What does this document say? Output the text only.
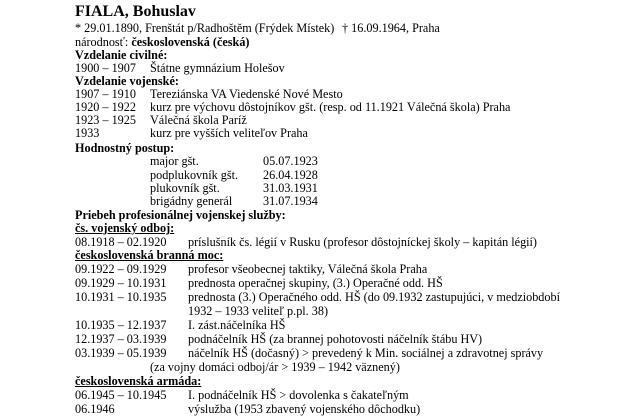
FIALA, Bohuslav
* 29.01.1890, Frenštát p/Radhoštěm (Frýdek Místek) † 16.09.1964, Praha
národnosť: československá (česká)
Vzdelanie civilné:
1900 – 1907 Štátne gymnázium Holešov
Vzdelanie vojenské:
1907 – 1910 Tereziánska VA Viedenské Nové Mesto
1920 – 1922 kurz pre výchovu dôstojníkov gšt. (resp. od 11.1921 Válečná škola) Praha
1923 – 1925 Válečná škola Paríž
1933	kurz pre vyšších veliteľov Praha
Hodnostný postup:
major gšt.	05.07.1923
podplukovník gšt. 26.04.1928
plukovník gšt.	31.03.1931
brigádny generál	31.07.1934
Priebeh profesionálnej vojenskej služby:
čs. vojenský odboj:
08.1918 – 02.1920 príslušník čs. légií v Rusku (profesor dôstojníckej školy – kapitán légií)
československá branná moc:
09.1922 – 09.1929 profesor všeobecnej taktiky, Válečná škola Praha
09.1929 – 10.1931 prednosta operačnej skupiny, (3.) Operačné odd. HŠ
10.1931 – 10.1935 prednosta (3.) Operačného odd. HŠ (do 09.1932 zastupujúci, v medziobdobí
1932 – 1933 veliteľ p.pl. 38)
10.1935 – 12.1937 I. zást.náčelníka HŠ
12.1937 – 03.1939 podnáčelník HŠ (za brannej pohotovosti náčelník štábu HV)
03.1939 – 05.1939 náčelník HŠ (dočasný) > prevedený k Min. sociálnej a zdravotnej správy
(za vojny domáci odboj/ár > 1939 – 1942 väznený)
československá armáda:
06.1945 – 10.1945 I. podnáčelník HŠ > dovolenka s čakateľným
06.1946	výslužba (1953 zbavený vojenského dôchodku)
